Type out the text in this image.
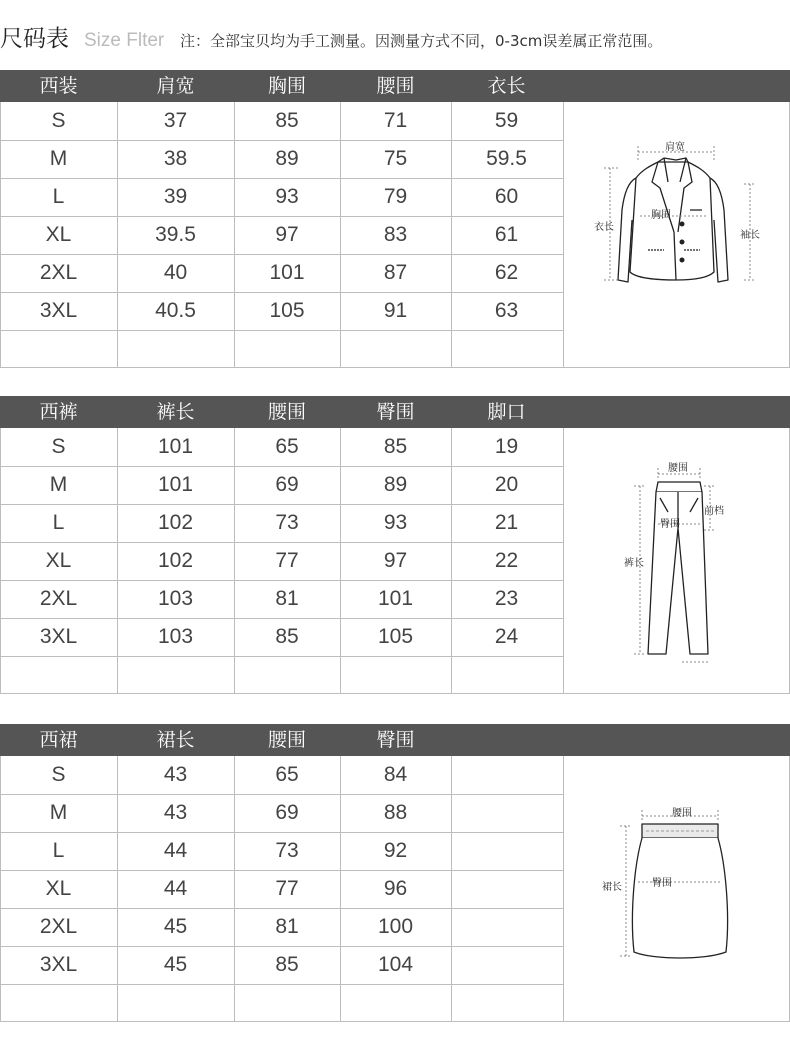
尺码表 Size Flter 注：全部宝贝均为手工测量。因测量方式不同，0-3cm误差属正常范围。
西装	肩宽	胸围	腰围	衣长
S	37	85	71	59
M	38	89	75	59.5
L	39	93	79	60
XL	39.5	97	83	61
2XL	40	101	87	62
3XL	40.5	105	91	63
肩宽
胸围
衣长
袖长
西裤	裤长	腰围	臀围	脚口
S	101	65	85	19
M	101	69	89	20
L	102	73	93	21
XL	102	77	97	22
2XL	103	81	101	23
3XL	103	85	105	24
腰围
臀围
前档
裤长
西裙	裙长	腰围	臀围
S	43	65	84
M	43	69	88
L	44	73	92
XL	44	77	96
2XL	45	81	100
3XL	45	85	104
腰围
臀围
裙长
